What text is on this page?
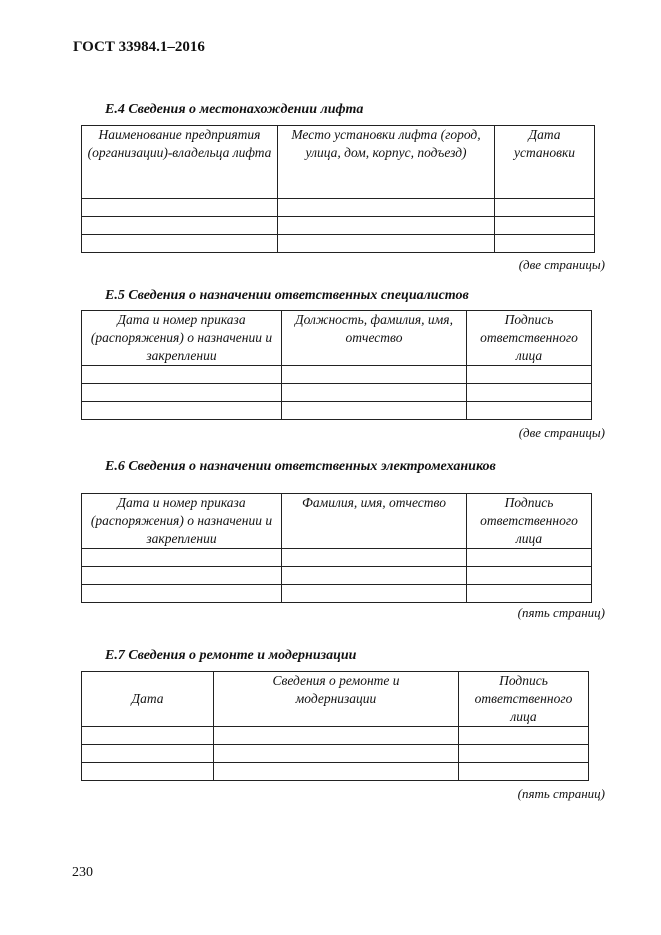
ГОСТ 33984.1–2016
Е.4 Сведения о местонахождении лифта
Наименование предприятия (организации)-владельца лифта	Место установки лифта (город, улица, дом, корпус, подъезд)	Дата установки

(две страницы)
Е.5 Сведения о назначении ответственных специалистов
Дата и номер приказа (распоряжения) о назначении и закреплении	Должность, фамилия, имя, отчество	Подпись ответственного лица

(две страницы)
Е.6 Сведения о назначении ответственных электромехаников
Дата и номер приказа (распоряжения) о назначении и закреплении	Фамилия, имя, отчество	Подпись ответственного лица

(пять страниц)
Е.7 Сведения о ремонте и модернизации
Дата	Сведения о ремонте и модернизации	Подпись ответственного лица

(пять страниц)
230
